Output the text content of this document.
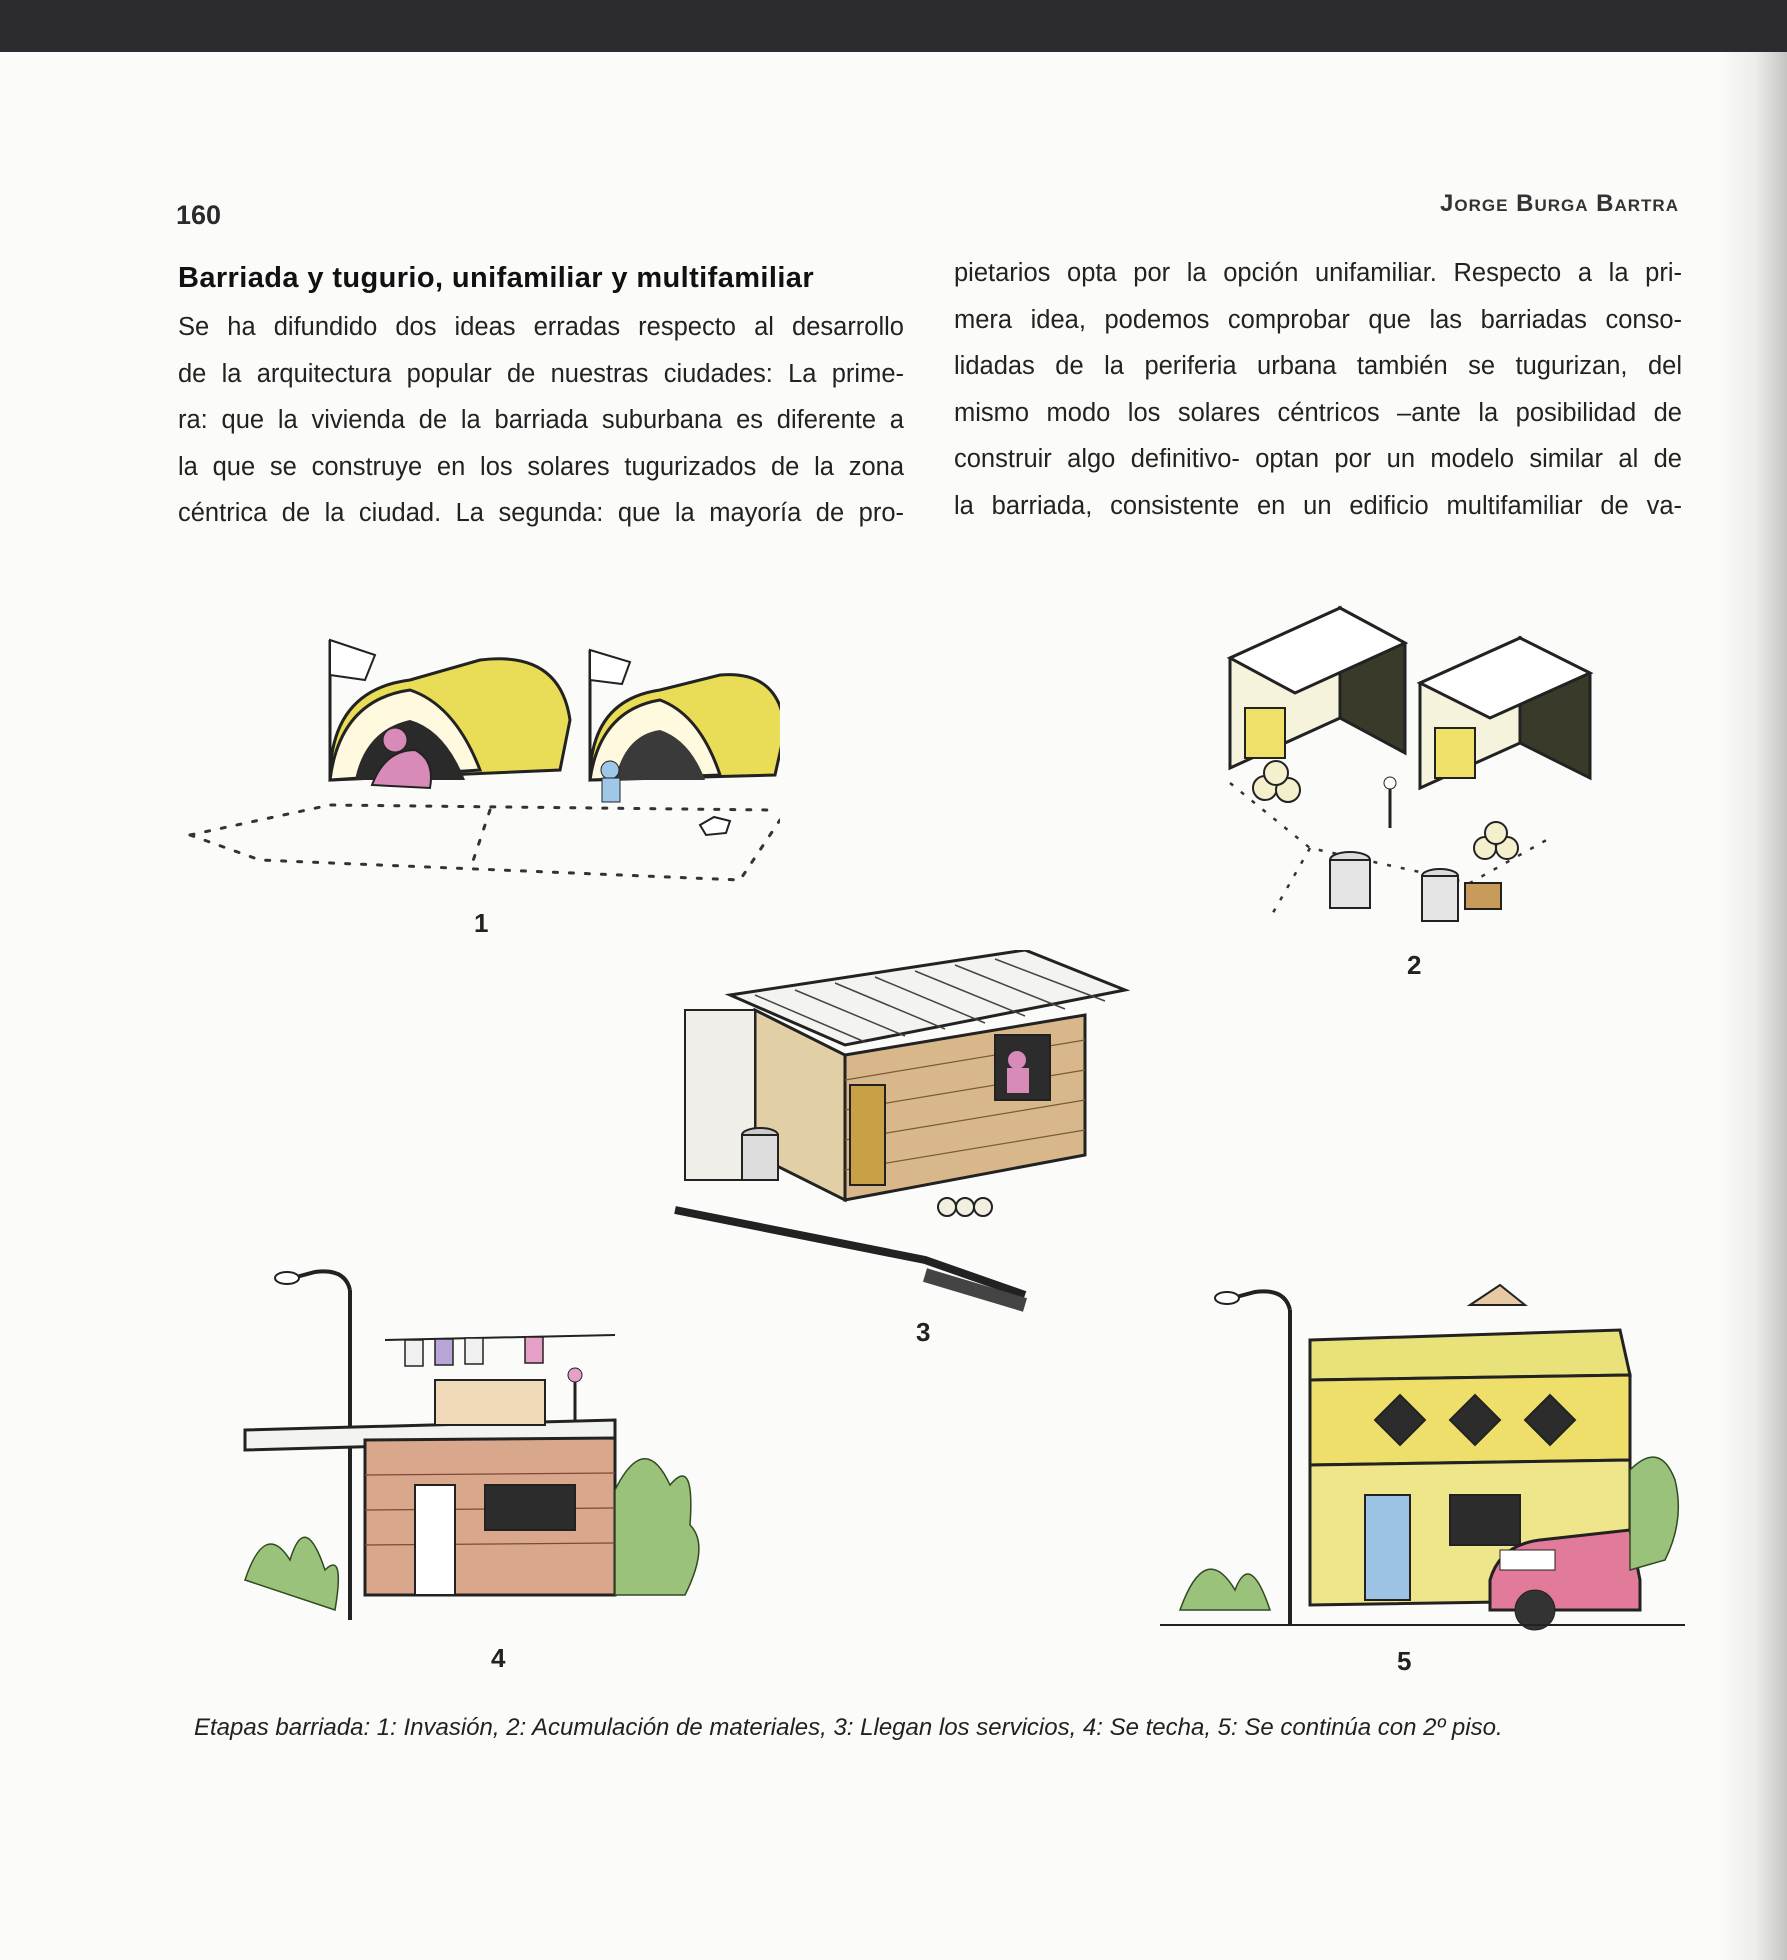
160	Jorge Burga Bartra
Barriada y tugurio, unifamiliar y multifamiliar
Se ha difundido dos ideas erradas respecto al desarrollo
de la arquitectura popular de nuestras ciudades: La prime-
ra: que la vivienda de la barriada suburbana es diferente a
la que se construye en los solares tugurizados de la zona
céntrica de la ciudad. La segunda: que la mayoría de pro-
pietarios opta por la opción unifamiliar. Respecto a la pri-
mera idea, podemos comprobar que las barriadas conso-
lidadas de la periferia urbana también se tugurizan, del
mismo modo los solares céntricos –ante la posibilidad de
construir algo definitivo- optan por un modelo similar al de
la barriada, consistente en un edificio multifamiliar de va-
1
2
3
4	5
Etapas barriada: 1: Invasión, 2: Acumulación de materiales, 3: Llegan los servicios, 4: Se techa, 5: Se continúa con 2º piso.
